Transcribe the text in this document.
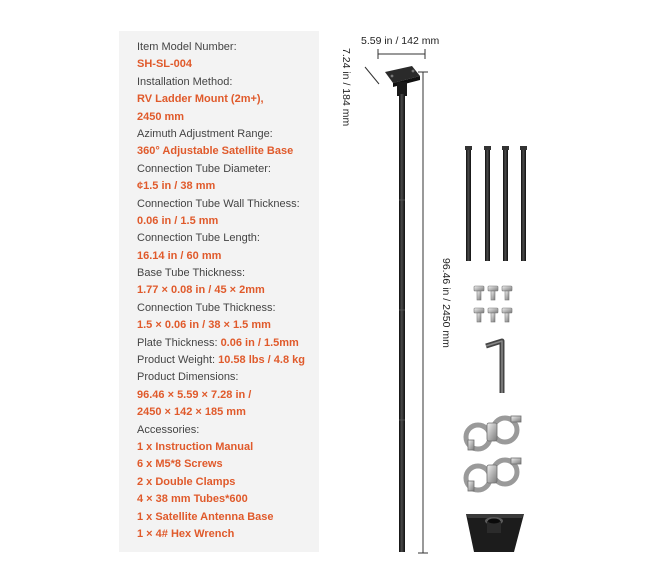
Item Model Number:
SH-SL-004
Installation Method:
RV Ladder Mount (2m+),
2450 mm
Azimuth Adjustment Range:
360° Adjustable Satellite Base
Connection Tube Diameter:
¢1.5 in / 38 mm
Connection Tube Wall Thickness:
0.06 in / 1.5 mm
Connection Tube Length:
16.14 in / 60 mm
Base Tube Thickness:
1.77 × 0.08 in / 45 × 2mm
Connection Tube Thickness:
1.5 × 0.06 in / 38 × 1.5 mm
Plate Thickness: 0.06 in / 1.5mm
Product Weight: 10.58 lbs / 4.8 kg
Product Dimensions:
96.46 × 5.59 × 7.28 in /
2450 × 142 × 185 mm
Accessories:
1 x Instruction Manual
6 x M5*8 Screws
2 x Double Clamps
4 × 38 mm Tubes*600
1 x Satellite Antenna Base
1 × 4# Hex Wrench
5.59 in / 142 mm
7.24 in / 184 mm
96.46 in / 2450 mm
